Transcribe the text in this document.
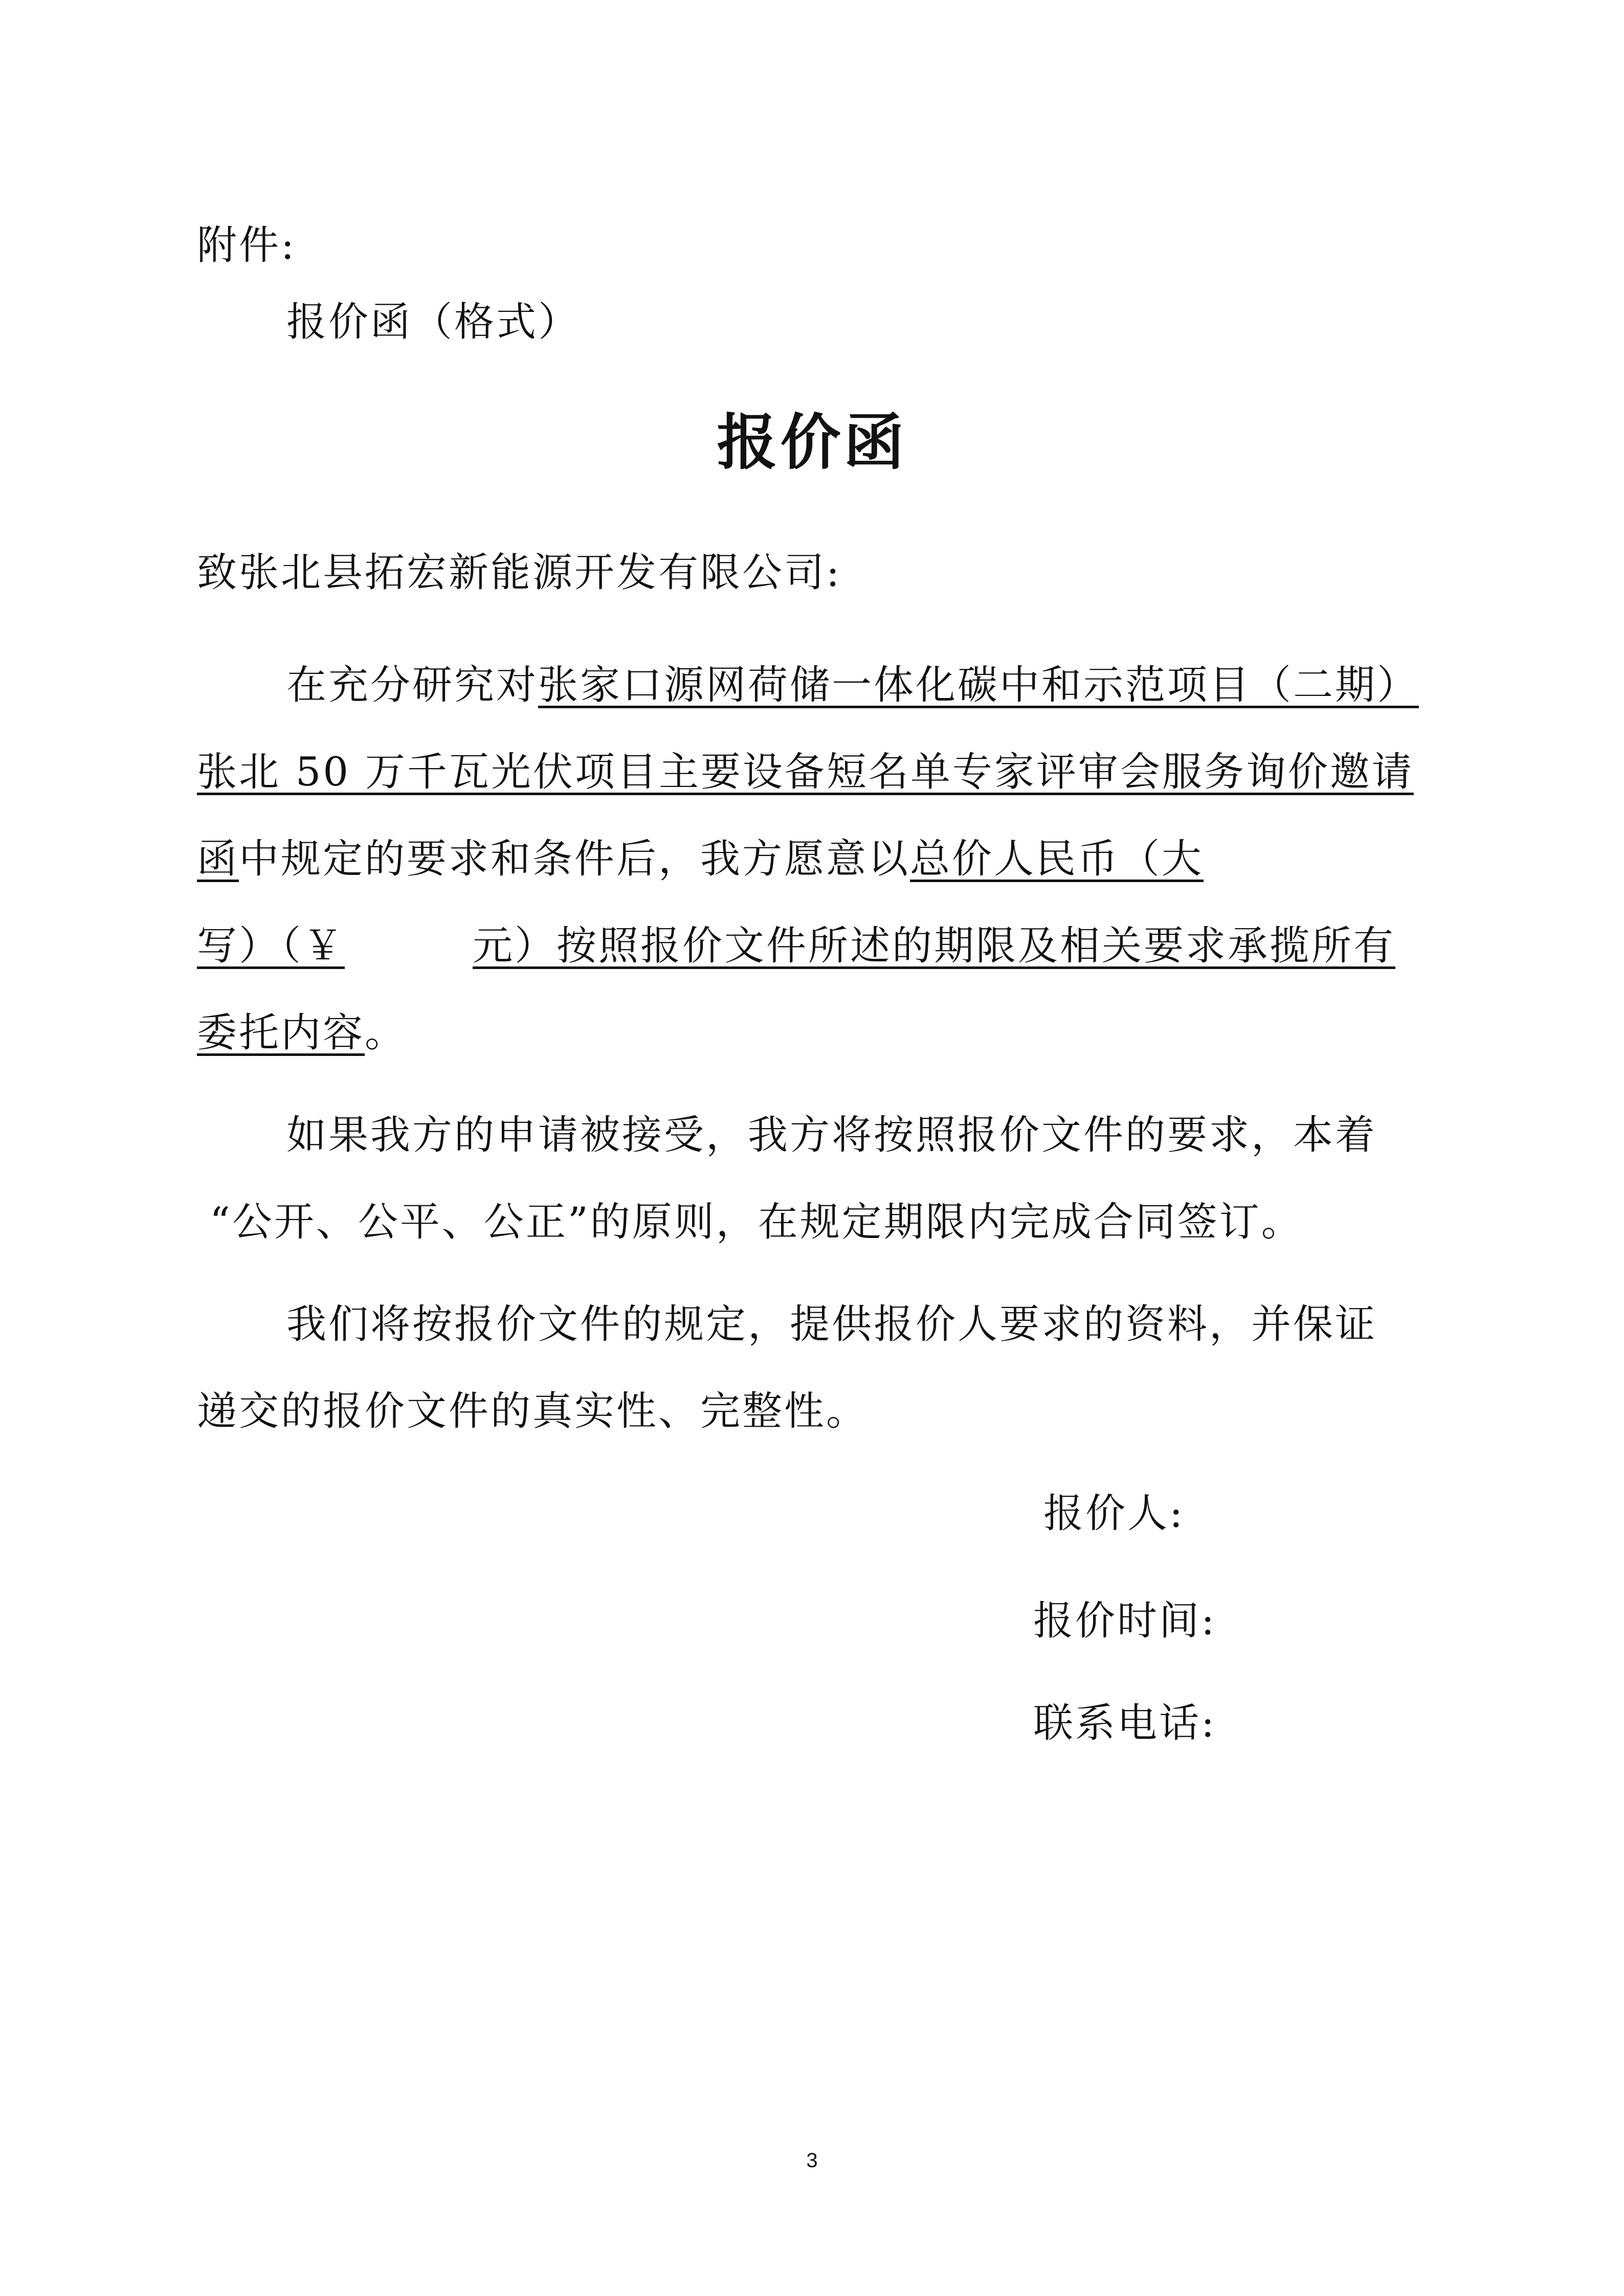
附件:
报价函（格式）
报价函
致张北县拓宏新能源开发有限公司:
在充分研究对张家口源网荷储一体化碳中和示范项目（二期）
张北 50 万千瓦光伏项目主要设备短名单专家评审会服务询价邀请
函中规定的要求和条件后，我方愿意以总价人民币（大
写）（￥	元）按照报价文件所述的期限及相关要求承揽所有
委托内容。
如果我方的申请被接受，我方将按照报价文件的要求，本着
“公开、公平、公正”的原则，在规定期限内完成合同签订。
我们将按报价文件的规定，提供报价人要求的资料，并保证
递交的报价文件的真实性、完整性。
报价人:
报价时间:
联系电话:
3
